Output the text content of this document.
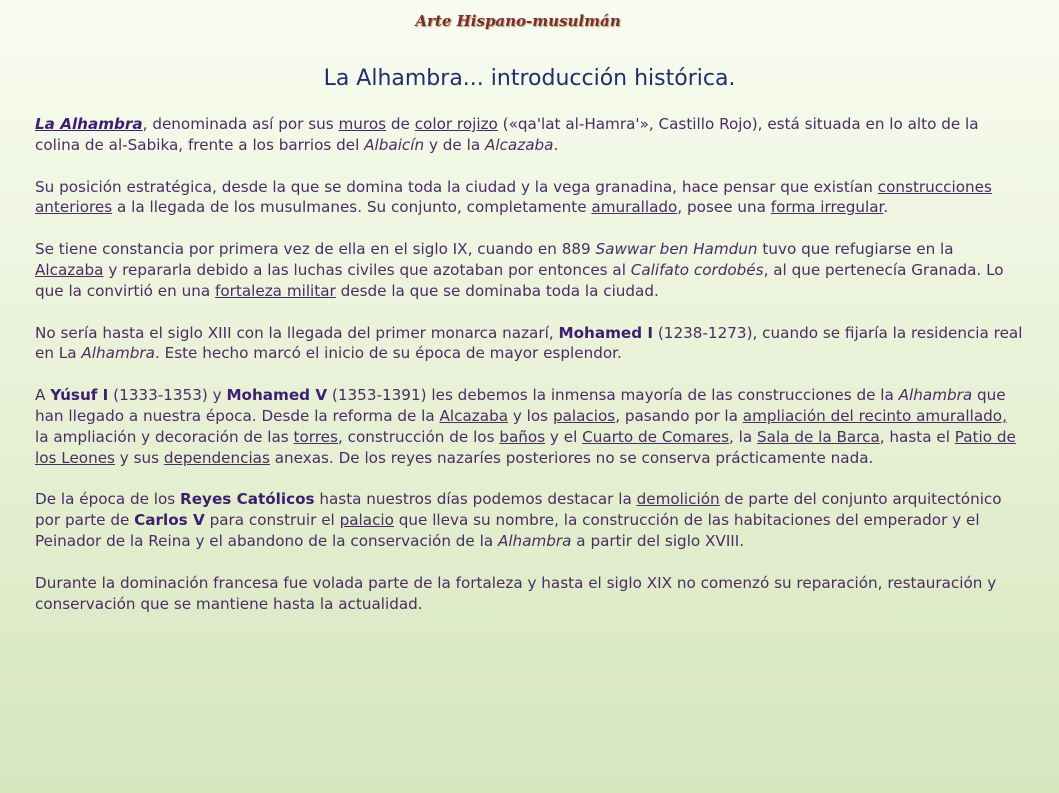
Arte Hispano-musulmán
La Alhambra... introducción histórica.

La Alhambra, denominada así por sus muros de color rojizo («qa'lat al-Hamra'», Castillo Rojo), está situada en lo alto de la colina de al-Sabika, frente a los barrios del Albaicín y de la Alcazaba.

Su posición estratégica, desde la que se domina toda la ciudad y la vega granadina, hace pensar que existían construcciones anteriores a la llegada de los musulmanes. Su conjunto, completamente amurallado, posee una forma irregular.

Se tiene constancia por primera vez de ella en el siglo IX, cuando en 889 Sawwar ben Hamdun tuvo que refugiarse en la Alcazaba y repararla debido a las luchas civiles que azotaban por entonces al Califato cordobés, al que pertenecía Granada. Lo que la convirtió en una fortaleza militar desde la que se dominaba toda la ciudad.

No sería hasta el siglo XIII con la llegada del primer monarca nazarí, Mohamed I (1238-1273), cuando se fijaría la residencia real en La Alhambra. Este hecho marcó el inicio de su época de mayor esplendor.

A Yúsuf I (1333-1353) y Mohamed V (1353-1391) les debemos la inmensa mayoría de las construcciones de la Alhambra que han llegado a nuestra época. Desde la reforma de la Alcazaba y los palacios, pasando por la ampliación del recinto amurallado, la ampliación y decoración de las torres, construcción de los baños y el Cuarto de Comares, la Sala de la Barca, hasta el Patio de los Leones y sus dependencias anexas. De los reyes nazaríes posteriores no se conserva prácticamente nada.

De la época de los Reyes Católicos hasta nuestros días podemos destacar la demolición de parte del conjunto arquitectónico por parte de Carlos V para construir el palacio que lleva su nombre, la construcción de las habitaciones del emperador y el Peinador de la Reina y el abandono de la conservación de la Alhambra a partir del siglo XVIII.

Durante la dominación francesa fue volada parte de la fortaleza y hasta el siglo XIX no comenzó su reparación, restauración y conservación que se mantiene hasta la actualidad.
